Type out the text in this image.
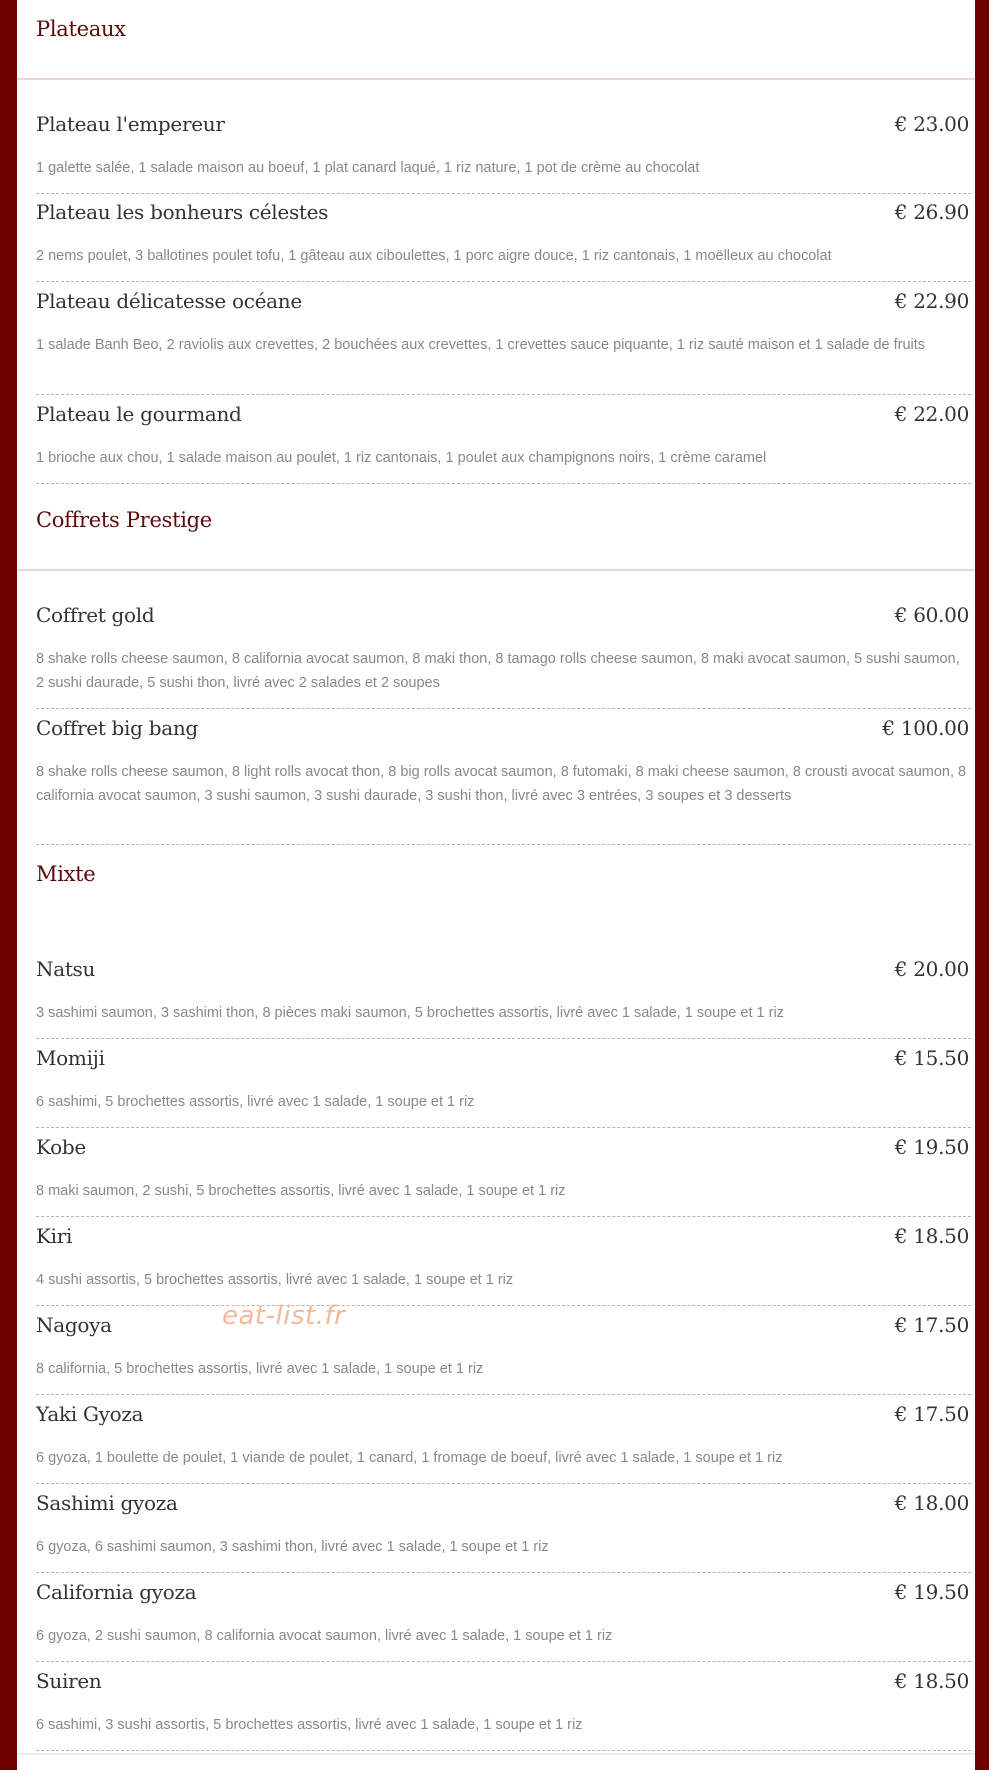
Plateaux
Plateau l'empereur	€ 23.00
1 galette salée, 1 salade maison au boeuf, 1 plat canard laqué, 1 riz nature, 1 pot de crème au chocolat
Plateau les bonheurs célestes	€ 26.90
2 nems poulet, 3 ballotines poulet tofu, 1 gâteau aux ciboulettes, 1 porc aigre douce, 1 riz cantonais, 1 moëlleux au chocolat
Plateau délicatesse océane	€ 22.90
1 salade Banh Beo, 2 raviolis aux crevettes, 2 bouchées aux crevettes, 1 crevettes sauce piquante, 1 riz sauté maison et 1 salade de fruits
Plateau le gourmand	€ 22.00
1 brioche aux chou, 1 salade maison au poulet, 1 riz cantonais, 1 poulet aux champignons noirs, 1 crème caramel
Coffrets Prestige
Coffret gold	€ 60.00
8 shake rolls cheese saumon, 8 california avocat saumon, 8 maki thon, 8 tamago rolls cheese saumon, 8 maki avocat saumon, 5 sushi saumon, 2 sushi daurade, 5 sushi thon, livré avec 2 salades et 2 soupes
Coffret big bang	€ 100.00
8 shake rolls cheese saumon, 8 light rolls avocat thon, 8 big rolls avocat saumon, 8 futomaki, 8 maki cheese saumon, 8 crousti avocat saumon, 8 california avocat saumon, 3 sushi saumon, 3 sushi daurade, 3 sushi thon, livré avec 3 entrées, 3 soupes et 3 desserts
Mixte
Natsu	€ 20.00
3 sashimi saumon, 3 sashimi thon, 8 pièces maki saumon, 5 brochettes assortis, livré avec 1 salade, 1 soupe et 1 riz
Momiji	€ 15.50
6 sashimi, 5 brochettes assortis, livré avec 1 salade, 1 soupe et 1 riz
Kobe	€ 19.50
8 maki saumon, 2 sushi, 5 brochettes assortis, livré avec 1 salade, 1 soupe et 1 riz
Kiri	€ 18.50
4 sushi assortis, 5 brochettes assortis, livré avec 1 salade, 1 soupe et 1 riz
Nagoya	€ 17.50
8 california, 5 brochettes assortis, livré avec 1 salade, 1 soupe et 1 riz
Yaki Gyoza	€ 17.50
6 gyoza, 1 boulette de poulet, 1 viande de poulet, 1 canard, 1 fromage de boeuf, livré avec 1 salade, 1 soupe et 1 riz
Sashimi gyoza	€ 18.00
6 gyoza, 6 sashimi saumon, 3 sashimi thon, livré avec 1 salade, 1 soupe et 1 riz
California gyoza	€ 19.50
6 gyoza, 2 sushi saumon, 8 california avocat saumon, livré avec 1 salade, 1 soupe et 1 riz
Suiren	€ 18.50
6 sashimi, 3 sushi assortis, 5 brochettes assortis, livré avec 1 salade, 1 soupe et 1 riz
eat-list.fr
